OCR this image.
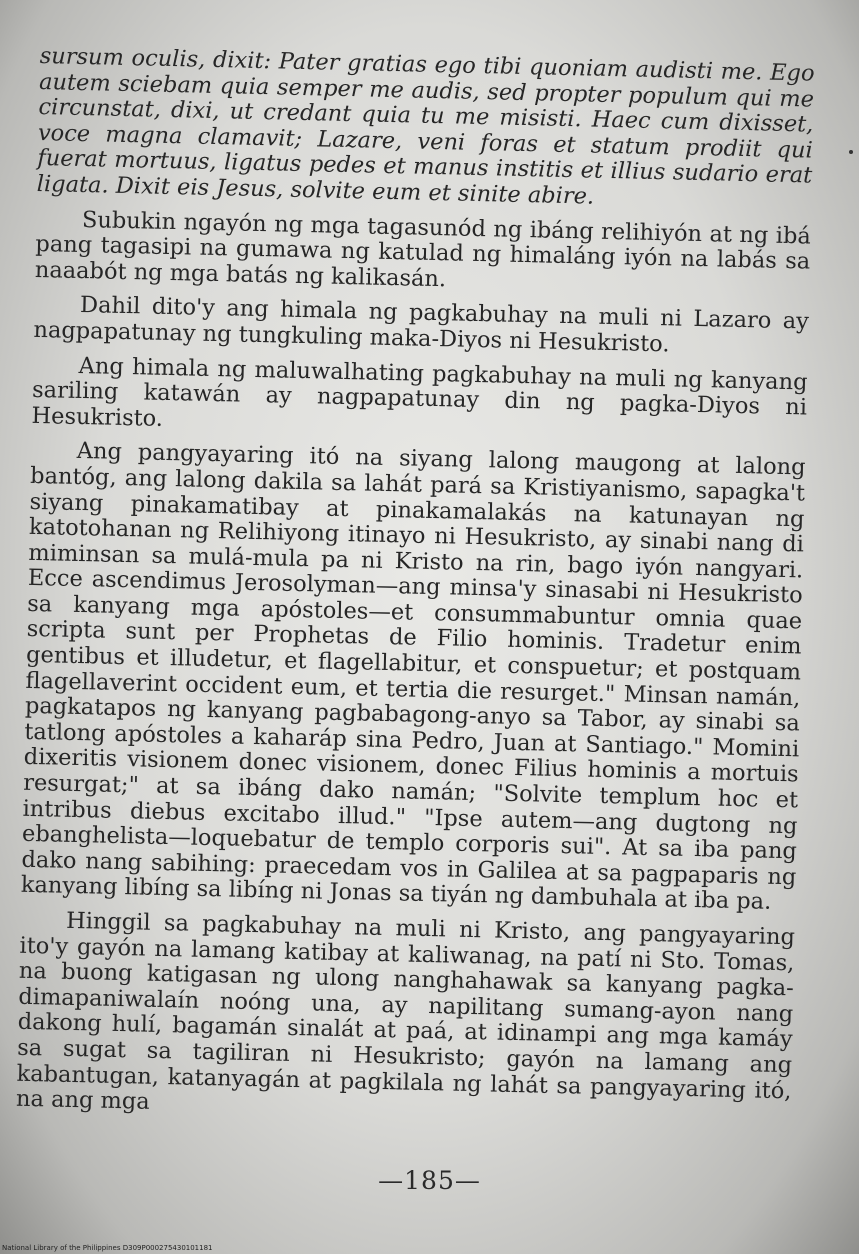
sursum oculis, dixit: Pater gratias ego tibi quoniam audisti me. Ego autem sciebam quia semper me audis, sed propter populum qui me circunstat, dixi, ut credant quia tu me misisti. Haec cum dixisset, voce magna clamavit; Lazare, veni foras et statum prodiit qui fuerat mortuus, ligatus pedes et manus institis et illius sudario erat ligata. Dixit eis Jesus, solvite eum et sinite abire.

Subukin ngayón ng mga tagasunód ng ibáng relihiyón at ng ibá pang tagasipi na gumawa ng katulad ng himaláng iyón na labás sa naaabót ng mga batás ng kalikasán.

Dahil dito'y ang himala ng pagkabuhay na muli ni Lazaro ay nagpapatunay ng tungkuling maka-Diyos ni Hesukristo.

Ang himala ng maluwalhating pagkabuhay na muli ng kanyang sariling katawán ay nagpapatunay din ng pagka-Diyos ni Hesukristo.

Ang pangyayaring itó na siyang lalong maugong at lalong bantóg, ang lalong dakila sa lahát pará sa Kristiyanismo, sapagka't siyang pinakamatibay at pinakamalakás na katunayan ng katotohanan ng Relihiyong itinayo ni Hesukristo, ay sinabi nang di miminsan sa mulá-mula pa ni Kristo na rin, bago iyón nangyari. Ecce ascendimus Jerosolyman—ang minsa'y sinasabi ni Hesukristo sa kanyang mga apóstoles—et consummabuntur omnia quae scripta sunt per Prophetas de Filio hominis. Tradetur enim gentibus et illudetur, et flagellabitur, et conspuetur; et postquam flagellaverint occident eum, et tertia die resurget." Minsan namán, pagkatapos ng kanyang pagbabagong-anyo sa Tabor, ay sinabi sa tatlong apóstoles a kaharáp sina Pedro, Juan at Santiago." Momini dixeritis visionem donec visionem, donec Filius hominis a mortuis resurgat;" at sa ibáng dako namán; "Solvite templum hoc et intribus diebus excitabo illud." "Ipse autem—ang dugtong ng ebanghelista—loquebatur de templo corporis sui". At sa iba pang dako nang sabihing: praecedam vos in Galilea at sa pagpaparis ng kanyang libíng sa libíng ni Jonas sa tiyán ng dambuhala at iba pa.

Hinggil sa pagkabuhay na muli ni Kristo, ang pangyayaring ito'y gayón na lamang katibay at kaliwanag, na patí ni Sto. Tomas, na buong katigasan ng ulong nanghahawak sa kanyang pagka-dimapaniwalaín noóng una, ay napilitang sumang-ayon nang dakong hulí, bagamán sinalát at paá, at idinampi ang mga kamáy sa sugat sa tagiliran ni Hesukristo; gayón na lamang ang kabantugan, katanyagán at pagkilala ng lahát sa pangyayaring itó, na ang mga

—185—
National Library of the Philippines D309P000275430101181
